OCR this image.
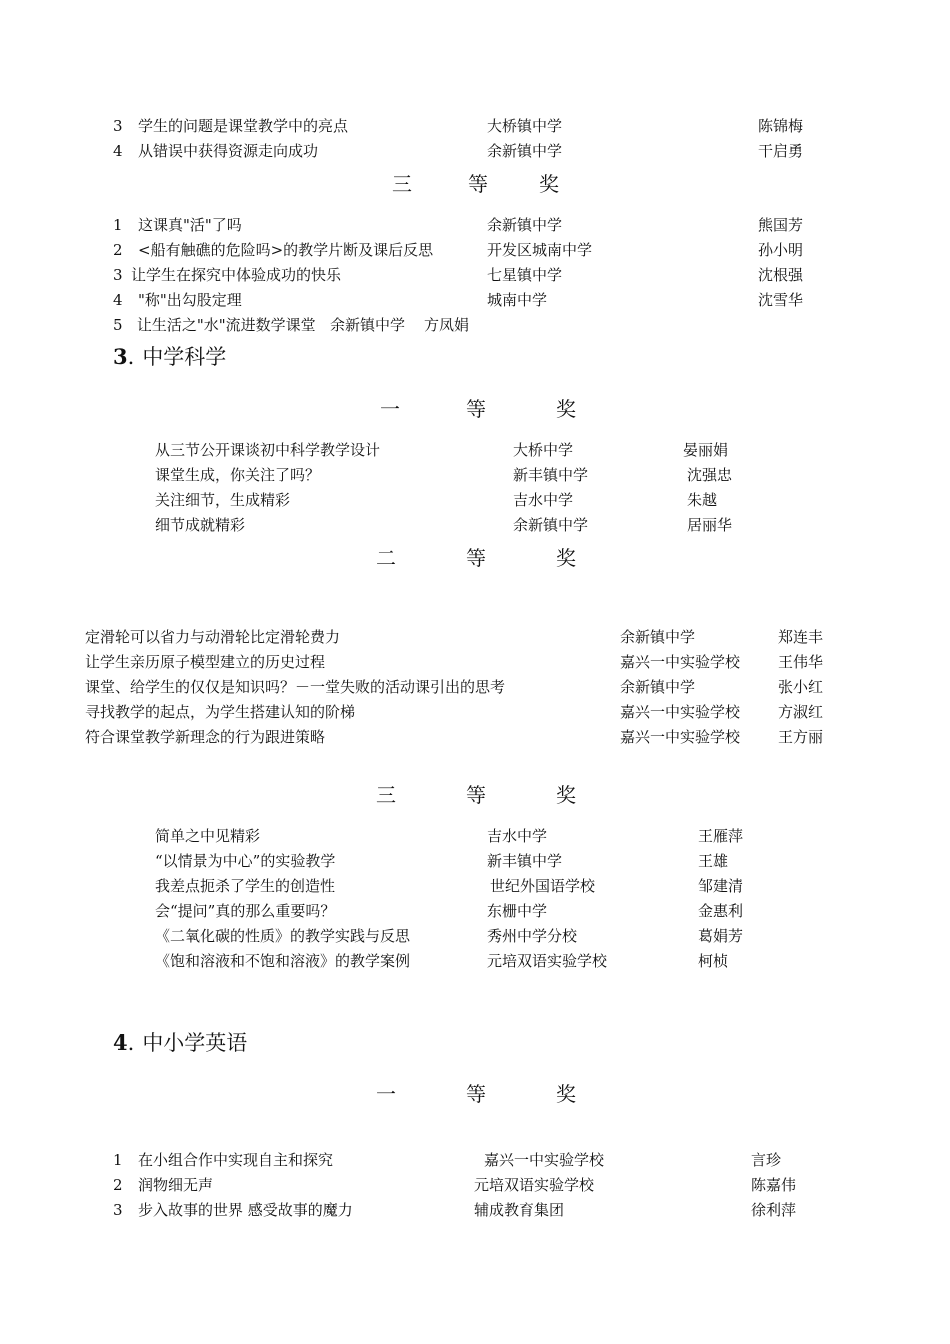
3 学生的问题是课堂教学中的亮点	大桥镇中学	陈锦梅
4 从错误中获得资源走向成功	余新镇中学	干启勇
三	等	奖
1 这课真"活"了吗	余新镇中学	熊国芳
2 <船有触礁的危险吗>的教学片断及课后反思	开发区城南中学	孙小明
3 让学生在探究中体验成功的快乐	七星镇中学	沈根强
4 "称"出勾股定理	城南中学	沈雪华

5   让生活之"水"流进数学课堂   余新镇中学    方凤娟

3. 中学科学
一	等	奖
从三节公开课谈初中科学教学设计	大桥中学	晏丽娟
课堂生成，你关注了吗？	新丰镇中学	沈强忠
关注细节，生成精彩	吉水中学	朱越
细节成就精彩	余新镇中学	居丽华
二	等	奖
定滑轮可以省力与动滑轮比定滑轮费力	余新镇中学	郑连丰
让学生亲历原子模型建立的历史过程	嘉兴一中实验学校	王伟华
课堂、给学生的仅仅是知识吗？－一堂失败的活动课引出的思考	余新镇中学	张小红
寻找教学的起点，为学生搭建认知的阶梯	嘉兴一中实验学校	方淑红
符合课堂教学新理念的行为跟进策略	嘉兴一中实验学校	王方丽
三	等	奖
简单之中见精彩	吉水中学	王雁萍
“以情景为中心”的实验教学	新丰镇中学	王雄
我差点扼杀了学生的创造性	世纪外国语学校	邹建清
会“提问”真的那么重要吗？	东栅中学	金惠利
《二氧化碳的性质》的教学实践与反思	秀州中学分校	葛娟芳
《饱和溶液和不饱和溶液》的教学案例	元培双语实验学校	柯桢
4. 中小学英语
一	等	奖
1 在小组合作中实现自主和探究	嘉兴一中实验学校	言珍
2 润物细无声	元培双语实验学校	陈嘉伟
3 步入故事的世界 感受故事的魔力	辅成教育集团	徐利萍
